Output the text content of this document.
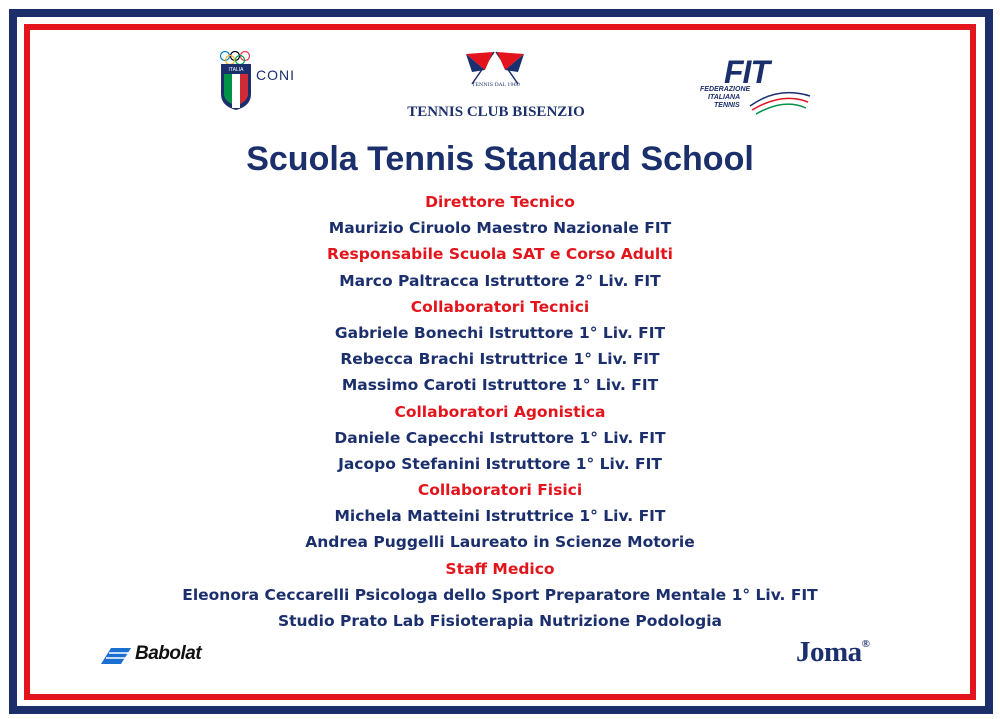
ITALIA CONI
TENNIS DAL 1960
TENNIS CLUB BISENZIO
FIT
FEDERAZIONE
ITALIANA
TENNIS
Scuola Tennis Standard School
Direttore Tecnico
Maurizio Ciruolo Maestro Nazionale FIT
Responsabile Scuola SAT e Corso Adulti
Marco Paltracca Istruttore 2° Liv. FIT
Collaboratori Tecnici
Gabriele Bonechi Istruttore 1° Liv. FIT
Rebecca Brachi Istruttrice 1° Liv. FIT
Massimo Caroti Istruttore 1° Liv. FIT
Collaboratori Agonistica
Daniele Capecchi Istruttore 1° Liv. FIT
Jacopo Stefanini Istruttore 1° Liv. FIT
Collaboratori Fisici
Michela Matteini Istruttrice 1° Liv. FIT
Andrea Puggelli Laureato in Scienze Motorie
Staff Medico
Eleonora Ceccarelli Psicologa dello Sport Preparatore Mentale 1° Liv. FIT
Studio Prato Lab Fisioterapia Nutrizione Podologia
Babolat	Joma®
